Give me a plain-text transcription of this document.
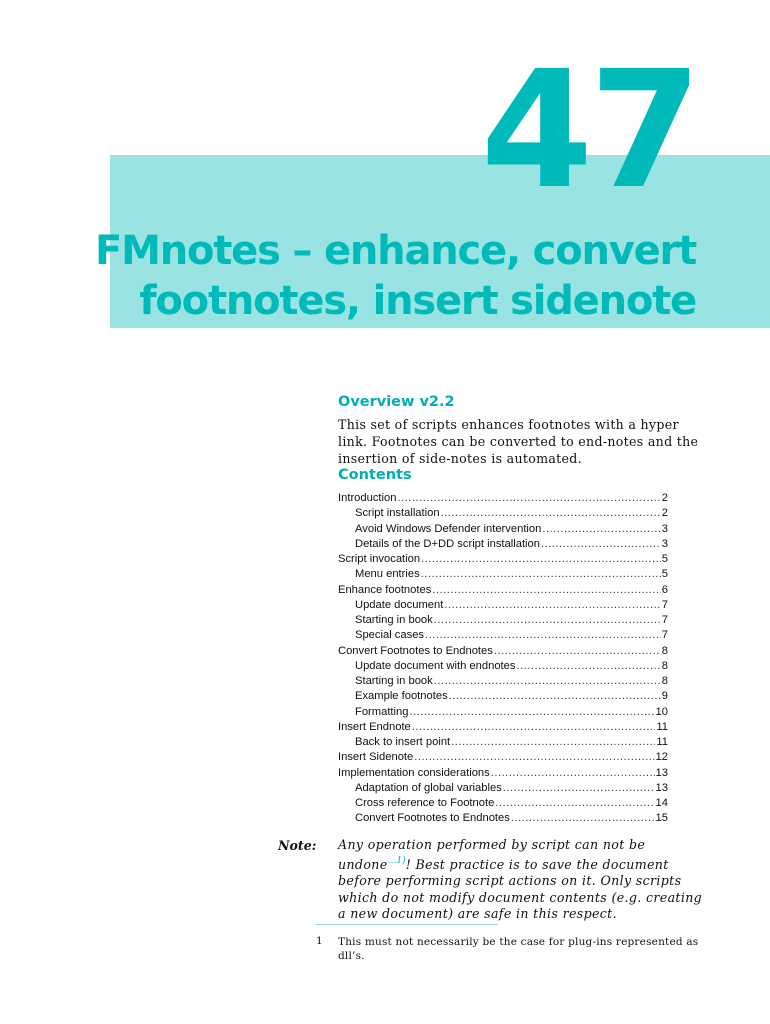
47
FMnotes – enhance, convert
footnotes, insert sidenote
Overview v2.2
This set of scripts enhances footnotes with a hyper link. Footnotes can be converted to end-notes and the insertion of side-notes is automated.
Contents
Introduction .....	2
Script installation .....	2
Avoid Windows Defender intervention .....	3
Details of the D+DD script installation .....	3
Script invocation .....	5
Menu entries .....	5
Enhance footnotes .....	6
Update document .....	7
Starting in book .....	7
Special cases .....	7
Convert Footnotes to Endnotes .....	8
Update document with endnotes .....	8
Starting in book .....	8
Example footnotes .....	9
Formatting .....	10
Insert Endnote .....	11
Back to insert point .....	11
Insert Sidenote .....	12
Implementation considerations .....	13
Adaptation of global variables .....	13
Cross reference to Footnote .....	14
Convert Footnotes to Endnotes .....	15
Note: Any operation performed by script can not be undone$^{\dots 1)}$! Best practice is to save the document before performing script actions on it. Only scripts which do not modify document contents (e.g. creating a new document) are safe in this respect.
1 This must not necessarily be the case for plug-ins represented as dll’s.
